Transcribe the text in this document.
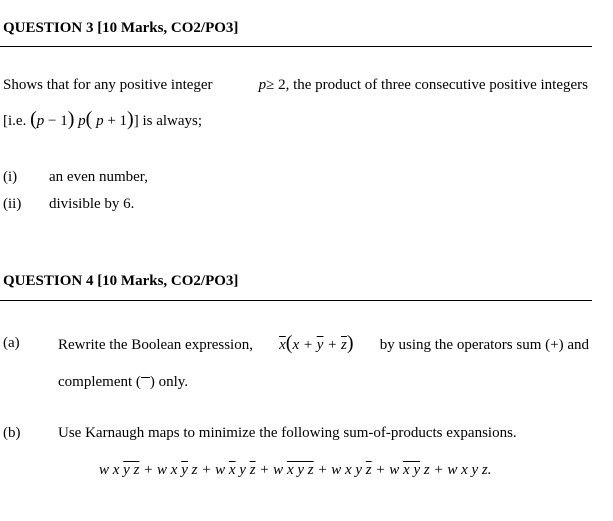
QUESTION 3 [10 Marks, CO2/PO3]
Shows that for any positive integer	p≥ 2, the product of three consecutive positive integers
[i.e. (p − 1) p( p + 1)] is always;
(i) an even number,
(ii) divisible by 6.
QUESTION 4 [10 Marks, CO2/PO3]
(a)	Rewrite the Boolean expression, $\overline{x}(x + \overline{y} + \overline{z})$ by using the operators sum (+) and
complement ( ) only.
(b)	Use Karnaugh maps to minimize the following sum-of-products expansions.
w x y z + w x $\overline{y}$ z + w $\overline{x}$ y $\overline{z} + w$ x y z + w x y $\overline{z} + w$ x y z + w x y z.
